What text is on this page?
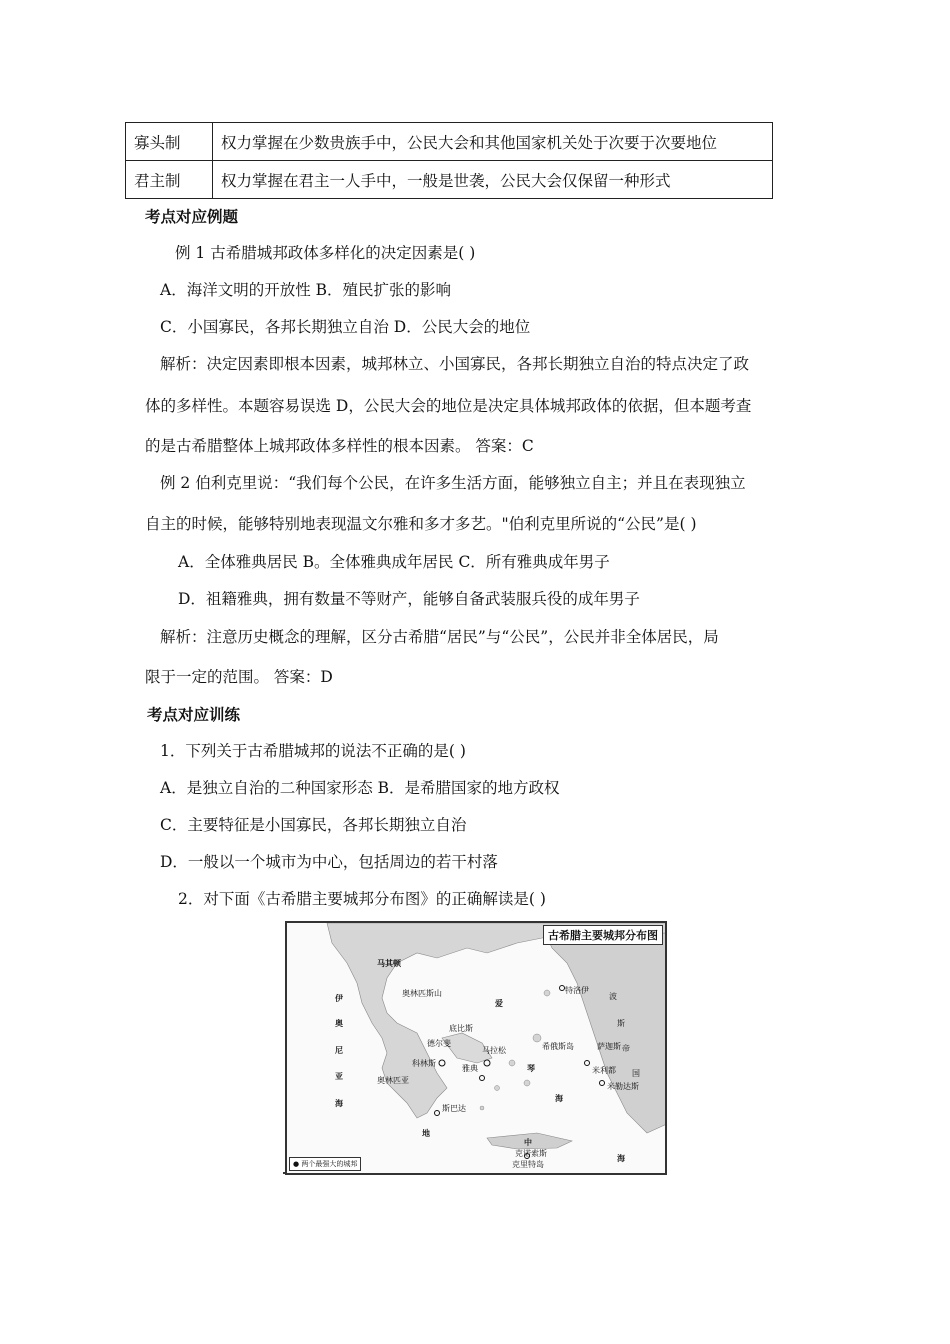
寡头制	权力掌握在少数贵族手中，公民大会和其他国家机关处于次要于次要地位
君主制	权力掌握在君主一人手中，一般是世袭，公民大会仅保留一种形式
考点对应例题
例 1 古希腊城邦政体多样化的决定因素是( )
A．海洋文明的开放性 B．殖民扩张的影响
C．小国寡民，各邦长期独立自治 D．公民大会的地位
解析：决定因素即根本因素，城邦林立、小国寡民，各邦长期独立自治的特点决定了政
体的多样性。本题容易误选 D，公民大会的地位是决定具体城邦政体的依据，但本题考查
的是古希腊整体上城邦政体多样性的根本因素。 答案：C
例 2 伯利克里说：“我们每个公民，在许多生活方面，能够独立自主；并且在表现独立
自主的时候，能够特别地表现温文尔雅和多才多艺。"伯利克里所说的“公民”是( )
A．全体雅典居民 B。全体雅典成年居民 C．所有雅典成年男子
D．祖籍雅典，拥有数量不等财产，能够自备武装服兵役的成年男子
解析：注意历史概念的理解，区分古希腊“居民”与“公民”，公民并非全体居民，局
限于一定的范围。 答案：D
考点对应训练
1．下列关于古希腊城邦的说法不正确的是( )
A．是独立自治的二种国家形态 B．是希腊国家的地方政权
C．主要特征是小国寡民，各邦长期独立自治
D．一般以一个城市为中心，包括周边的若干村落
2．对下面《古希腊主要城邦分布图》的正确解读是( )
古希腊主要城邦分布图
马其顿
奥林匹斯山	特洛伊
波
斯
帝
国
德尔斐
底比斯
马拉松
雅典
科林斯
奥林匹亚
斯巴达
米利都
萨迦斯
米勒达斯
克诺索斯
克里特岛
希俄斯岛
伊
奥
尼
亚
海
爱
琴
海
地
中
海
● 两个最强大的城邦
